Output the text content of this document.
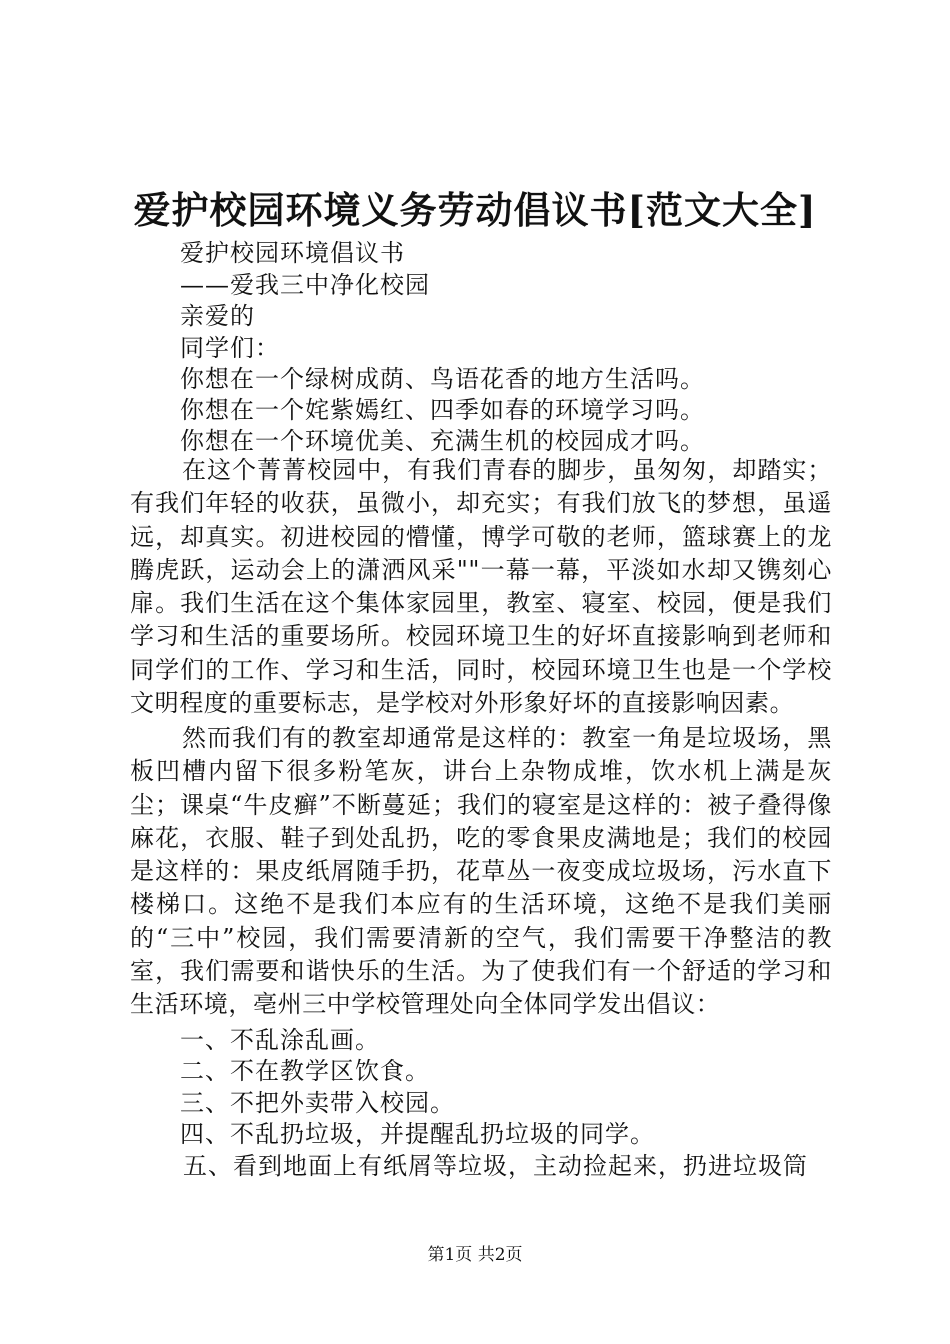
爱护校园环境义务劳动倡议书[范文大全]
爱护校园环境倡议书
——爱我三中净化校园
亲爱的
同学们：
你想在一个绿树成荫、鸟语花香的地方生活吗。
你想在一个姹紫嫣红、四季如春的环境学习吗。
你想在一个环境优美、充满生机的校园成才吗。
在这个菁菁校园中，有我们青春的脚步，虽匆匆，却踏实；有我们年轻的收获，虽微小，却充实；有我们放飞的梦想，虽遥远，却真实。初进校园的懵懂，博学可敬的老师，篮球赛上的龙腾虎跃，运动会上的潇洒风采""一幕一幕，平淡如水却又镌刻心扉。我们生活在这个集体家园里，教室、寝室、校园，便是我们学习和生活的重要场所。校园环境卫生的好坏直接影响到老师和同学们的工作、学习和生活，同时，校园环境卫生也是一个学校文明程度的重要标志，是学校对外形象好坏的直接影响因素。
然而我们有的教室却通常是这样的：教室一角是垃圾场，黑板凹槽内留下很多粉笔灰，讲台上杂物成堆，饮水机上满是灰尘；课桌“牛皮癣”不断蔓延；我们的寝室是这样的：被子叠得像麻花，衣服、鞋子到处乱扔，吃的零食果皮满地是；我们的校园是这样的：果皮纸屑随手扔，花草丛一夜变成垃圾场，污水直下楼梯口。这绝不是我们本应有的生活环境，这绝不是我们美丽的“三中”校园，我们需要清新的空气，我们需要干净整洁的教室，我们需要和谐快乐的生活。为了使我们有一个舒适的学习和生活环境，亳州三中学校管理处向全体同学发出倡议：
一、不乱涂乱画。
二、不在教学区饮食。
三、不把外卖带入校园。
四、不乱扔垃圾，并提醒乱扔垃圾的同学。
五、看到地面上有纸屑等垃圾，主动捡起来，扔进垃圾筒
第1页 共2页
